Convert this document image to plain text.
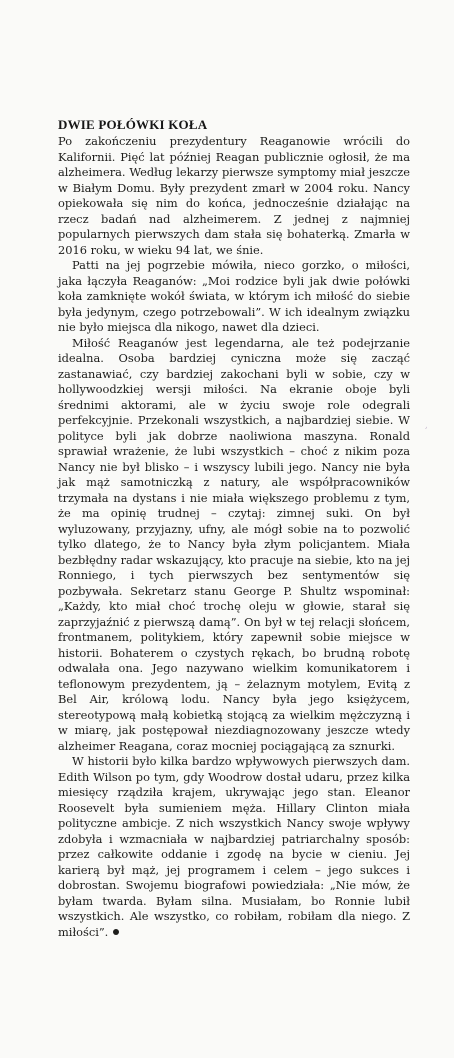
DWIE POŁÓWKI KOŁA

Po zakończeniu prezydentury Reaganowie wrócili do Kalifornii. Pięć lat później Reagan publicznie ogłosił, że ma alzheimera. Według lekarzy pierwsze symptomy miał jeszcze w Białym Domu. Były prezydent zmarł w 2004 roku. Nancy opiekowała się nim do końca, jednocześnie działając na rzecz badań nad alzheimerem. Z jednej z najmniej popularnych pierwszych dam stała się bohaterką. Zmarła w 2016 roku, w wieku 94 lat, we śnie.

Patti na jej pogrzebie mówiła, nieco gorzko, o miłości, jaka łączyła Reaganów: „Moi rodzice byli jak dwie połówki koła zamknięte wokół świata, w którym ich miłość do siebie była jedynym, czego potrzebowali”. W ich idealnym związku nie było miejsca dla nikogo, nawet dla dzieci.

Miłość Reaganów jest legendarna, ale też podejrzanie idealna. Osoba bardziej cyniczna może się zacząć zastanawiać, czy bardziej zakochani byli w sobie, czy w hollywoodzkiej wersji miłości. Na ekranie oboje byli średnimi aktorami, ale w życiu swoje role odegrali perfekcyjnie. Przekonali wszystkich, a najbardziej siebie. W polityce byli jak dobrze naoliwiona maszyna. Ronald sprawiał wrażenie, że lubi wszystkich – choć z nikim poza Nancy nie był blisko – i wszyscy lubili jego. Nancy nie była jak mąż samotniczką z natury, ale współpracowników trzymała na dystans i nie miała większego problemu z tym, że ma opinię trudnej – czytaj: zimnej suki. On był wyluzowany, przyjazny, ufny, ale mógł sobie na to pozwolić tylko dlatego, że to Nancy była złym policjantem. Miała bezbłędny radar wskazujący, kto pracuje na siebie, kto na jej Ronniego, i tych pierwszych bez sentymentów się pozbywała. Sekretarz stanu George P. Shultz wspominał: „Każdy, kto miał choć trochę oleju w głowie, starał się zaprzyjaźnić z pierwszą damą”. On był w tej relacji słońcem, frontmanem, politykiem, który zapewnił sobie miejsce w historii. Bohaterem o czystych rękach, bo brudną robotę odwalała ona. Jego nazywano wielkim komunikatorem i teflonowym prezydentem, ją – żelaznym motylem, Evitą z Bel Air, królową lodu. Nancy była jego księżycem, stereotypową małą kobietką stojącą za wielkim mężczyzną i w miarę, jak postępował niezdiagnozowany jeszcze wtedy alzheimer Reagana, coraz mocniej pociągającą za sznurki.

W historii było kilka bardzo wpływowych pierwszych dam. Edith Wilson po tym, gdy Woodrow dostał udaru, przez kilka miesięcy rządziła krajem, ukrywając jego stan. Eleanor Roosevelt była sumieniem męża. Hillary Clinton miała polityczne ambicje. Z nich wszystkich Nancy swoje wpływy zdobyła i wzmacniała w najbardziej patriarchalny sposób: przez całkowite oddanie i zgodę na bycie w cieniu. Jej karierą był mąż, jej programem i celem – jego sukces i dobrostan. Swojemu biografowi powiedziała: „Nie mów, że byłam twarda. Byłam silna. Musiałam, bo Ronnie lubił wszystkich. Ale wszystko, co robiłam, robiłam dla niego. Z miłości”.

¸
